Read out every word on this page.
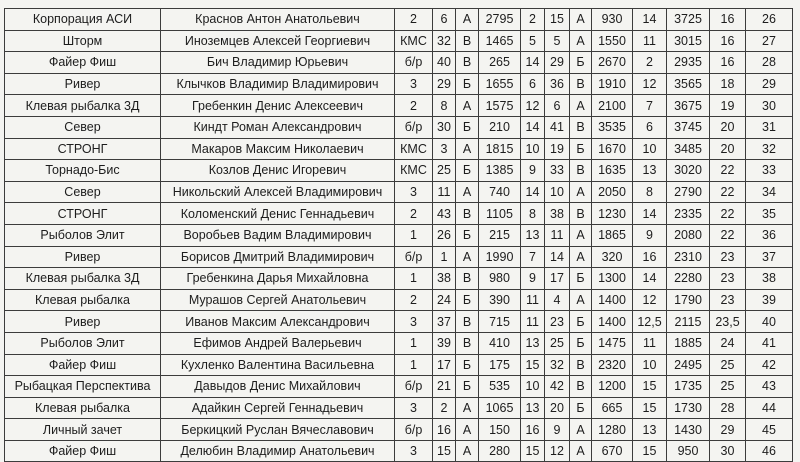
Корпорация АСИ	Краснов Антон Анатольевич	2	6	А	2795	2	15	А	930	14	3725	16	26
Шторм	Иноземцев Алексей Георгиевич	КМС	32	В	1465	5	5	А	1550	11	3015	16	27
Файер Фиш	Бич Владимир Юрьевич	б/р	40	В	265	14	29	Б	2670	2	2935	16	28
Ривер	Клычков Владимир Владимирович	3	29	Б	1655	6	36	В	1910	12	3565	18	29
Клевая рыбалка 3Д	Гребенкин Денис Алексеевич	2	8	А	1575	12	6	А	2100	7	3675	19	30
Север	Киндт Роман Александрович	б/р	30	Б	210	14	41	В	3535	6	3745	20	31
СТРОНГ	Макаров Максим Николаевич	КМС	3	А	1815	10	19	Б	1670	10	3485	20	32
Торнадо-Бис	Козлов Денис Игоревич	КМС	25	Б	1385	9	33	В	1635	13	3020	22	33
Север	Никольский Алексей Владимирович	3	11	А	740	14	10	А	2050	8	2790	22	34
СТРОНГ	Коломенский Денис Геннадьевич	2	43	В	1105	8	38	В	1230	14	2335	22	35
Рыболов Элит	Воробьев Вадим Владимирович	1	26	Б	215	13	11	А	1865	9	2080	22	36
Ривер	Борисов Дмитрий Владимирович	б/р	1	А	1990	7	14	А	320	16	2310	23	37
Клевая рыбалка 3Д	Гребенкина Дарья Михайловна	1	38	В	980	9	17	Б	1300	14	2280	23	38
Клевая рыбалка	Мурашов Сергей Анатольевич	2	24	Б	390	11	4	А	1400	12	1790	23	39
Ривер	Иванов Максим Александрович	3	37	В	715	11	23	Б	1400	12,5	2115	23,5	40
Рыболов Элит	Ефимов Андрей Валерьевич	1	39	В	410	13	25	Б	1475	11	1885	24	41
Файер Фиш	Кухленко Валентина Васильевна	1	17	Б	175	15	32	В	2320	10	2495	25	42
Рыбацкая Перспектива	Давыдов Денис Михайлович	б/р	21	Б	535	10	42	В	1200	15	1735	25	43
Клевая рыбалка	Адайкин Сергей Геннадьевич	3	2	А	1065	13	20	Б	665	15	1730	28	44
Личный зачет	Беркицкий Руслан Вячеславович	б/р	16	А	150	16	9	А	1280	13	1430	29	45
Файер Фиш	Делюбин Владимир Анатольевич	3	15	А	280	15	12	А	670	15	950	30	46
